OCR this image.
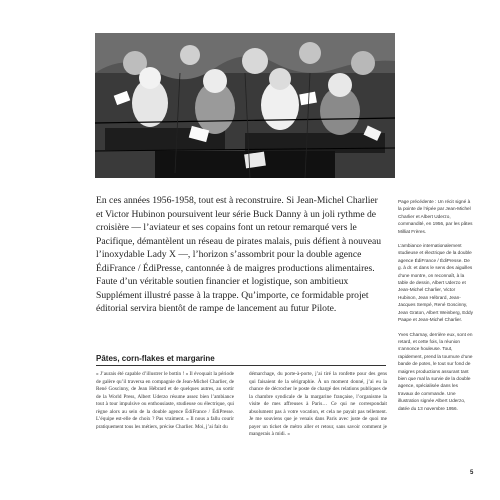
En ces années 1956-1958, tout est à reconstruire. Si Jean-Michel Charlier et Victor Hubinon poursuivent leur série Buck Danny à un joli rythme de croisière — l’aviateur et ses copains font un retour remarqué vers le Pacifique, démantèlent un réseau de pirates malais, puis défient à nouveau l’inoxydable Lady X —, l’horizon s’assombrit pour la double agence ÉdiFrance / ÉdiPresse, cantonnée à de maigres productions alimentaires. Faute d’un véritable soutien financier et logistique, son ambitieux Supplément illustré passe à la trappe. Qu’importe, ce formidable projet éditorial servira bientôt de rampe de lancement au futur Pilote.

Page précédente : Un récit signé à la pointe de l’épée par Jean-Michel Charlier et Albert Uderzo, commandité, en 1956, par les pâtes Milliat Frères.

L’ambiance internationalement studieuse et électrique de la double agence ÉdiFrance / ÉdiPresse. De g. à dr. et dans le sens des aiguilles d’une montre, on reconnaît, à la table de dessin, Albert Uderzo et Jean-Michel Charlier, Victor Hubinon, Jean Hébrard, Jean-Jacques Sempé, René Goscinny, Jean Graton, Albert Weinberg, Eddy Paape et Jean-Michel Charlier.

Yves Charnay, derrière eux, sont en retard, et cette fois, la réunion s’annonce houleuse. Tout, rapidement, prend la tournure d’une bande de potes, le tout sur fond de maigres productions assurant tant bien que mal la survie de la double agence, spécialisée dans les travaux de commande. Une illustration signée Albert Uderzo, datée du 13 novembre 1956.

Pâtes, corn-flakes et margarine

« J’aurais été capable d’illustrer le bottin ! » Il évoquait la période de galère qu’il traversa en compagnie de Jean-Michel Charlier, de René Goscinny, de Jean Hébrard et de quelques autres, au sortir de la World Press, Albert Uderzo résume assez bien l’ambiance tout à tour impulsive ou enthousiaste, studieuse ou électrique, qui règne alors au sein de la double agence ÉdiFrance / ÉdiPresse. L’équipe est-elle de choix ? Pas vraiment. « Il nous a fallu courir pratiquement tous les métiers, précise Charlier. Moi, j’ai fait du

démarchage, du porte-à-porte, j’ai tiré la ronfette pour des gens qui faisaient de la sérigraphie. À un moment donné, j’ai eu la chance de décrocher le poste de chargé des relations publiques de la chambre syndicale de la margarine française, l’organisme la visite de mes affreuses à Paris… Ce qui ne correspondait absolument pas à votre vocation, et cela ne payait pas tellement. Je me souviens que je venais dans Paris avec juste de quoi me payer un ticket de métro aller et retour, sans savoir comment je mangerais à midi. »

5
